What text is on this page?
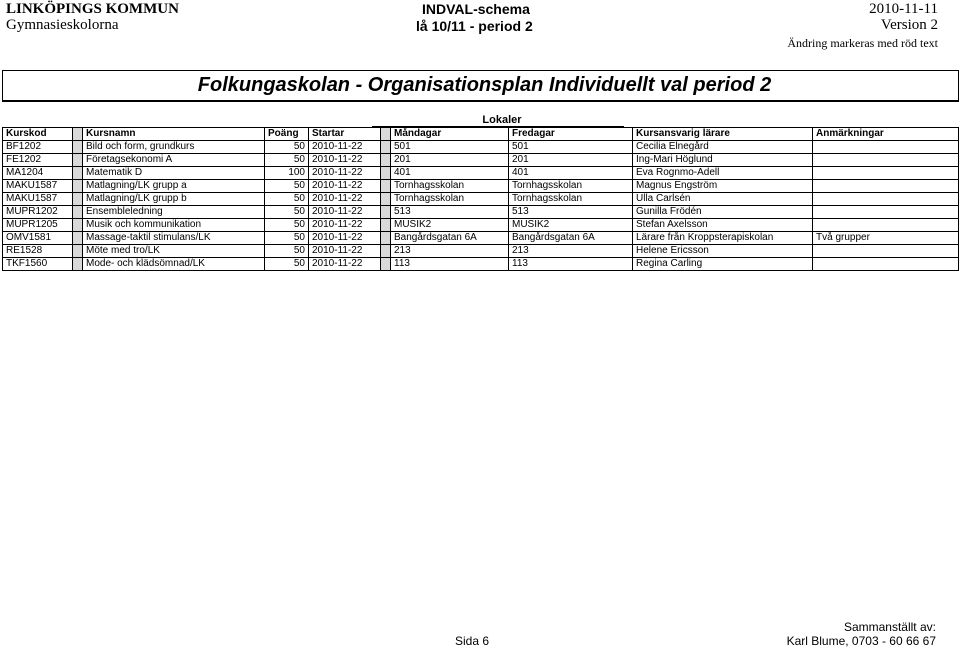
LINKÖPINGS KOMMUN
Gymnasieskolorna
INDVAL-schema
lå 10/11 - period 2
2010-11-11
Version 2
Ändring markeras med röd text
Folkungaskolan - Organisationsplan Individuellt val period 2
Lokaler
Kurskod		Kursnamn	Poäng	Startar		Måndagar	Fredagar	Kursansvarig lärare	Anmärkningar
BF1202		Bild och form, grundkurs	50	2010-11-22		501	501	Cecilia Elnegård	
FE1202		Företagsekonomi A	50	2010-11-22		201	201	Ing-Mari Höglund	
MA1204		Matematik D	100	2010-11-22		401	401	Eva Rognmo-Adell	
MAKU1587		Matlagning/LK grupp a	50	2010-11-22		Tornhagsskolan	Tornhagsskolan	Magnus Engström	
MAKU1587		Matlagning/LK grupp b	50	2010-11-22		Tornhagsskolan	Tornhagsskolan	Ulla Carlsén	
MUPR1202		Ensembleledning	50	2010-11-22		513	513	Gunilla Frödén	
MUPR1205		Musik och kommunikation	50	2010-11-22		MUSIK2	MUSIK2	Stefan Axelsson	
OMV1581		Massage-taktil stimulans/LK	50	2010-11-22		Bangårdsgatan 6A	Bangårdsgatan 6A	Lärare från Kroppsterapiskolan	Två grupper
RE1528		Möte med tro/LK	50	2010-11-22		213	213	Helene Ericsson	
TKF1560		Mode- och klädsömnad/LK	50	2010-11-22		113	113	Regina Carling	
Sida 6
Sammanställt av:
Karl Blume, 0703 - 60 66 67
